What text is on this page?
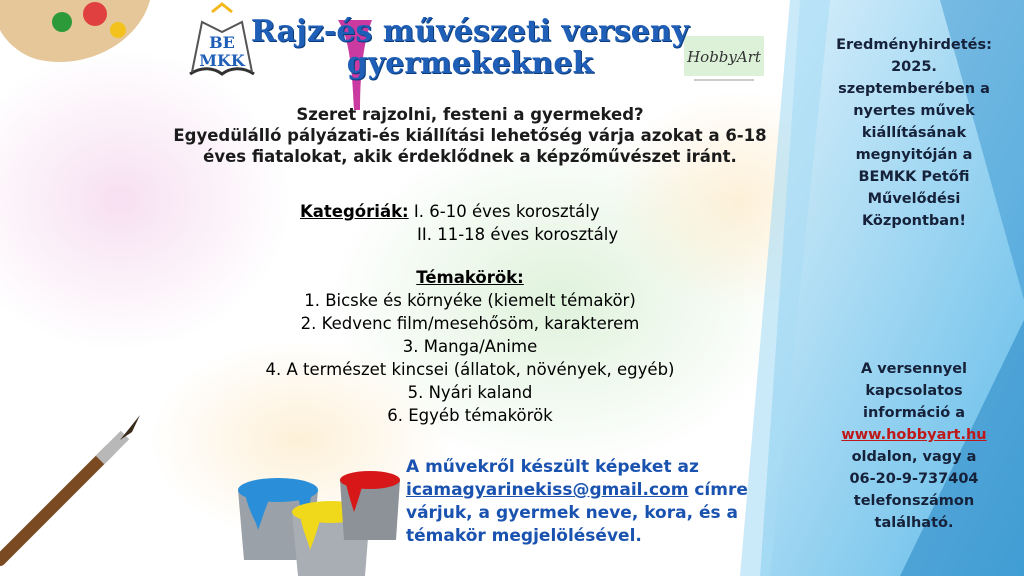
BE
MKK	HobbyArt
Rajz-és művészeti verseny
gyermekeknek
Szeret rajzolni, festeni a gyermeked?
Egyedülálló pályázati-és kiállítási lehetőség várja azokat a 6-18
éves fiatalokat, akik érdeklődnek a képzőművészet iránt.
Kategóriák: I. 6-10 éves korosztály
II. 11-18 éves korosztály
Témakörök:
1. Bicske és környéke (kiemelt témakör)
2. Kedvenc film/mesehősöm, karakterem
3. Manga/Anime
4. A természet kincsei (állatok, növények, egyéb)
5. Nyári kaland
6. Egyéb témakörök
A művekről készült képeket az
icamagyarinekiss@gmail.com címre
várjuk, a gyermek neve, kora, és a
témakör megjelölésével.
Eredményhirdetés:
2025.
szeptemberében a
nyertes művek
kiállításának
megnyitóján a
BEMKK Petőfi
Művelődési
Központban!
A versennyel
kapcsolatos
információ a
www.hobbyart.hu
oldalon, vagy a
06-20-9-737404
telefonszámon
található.
